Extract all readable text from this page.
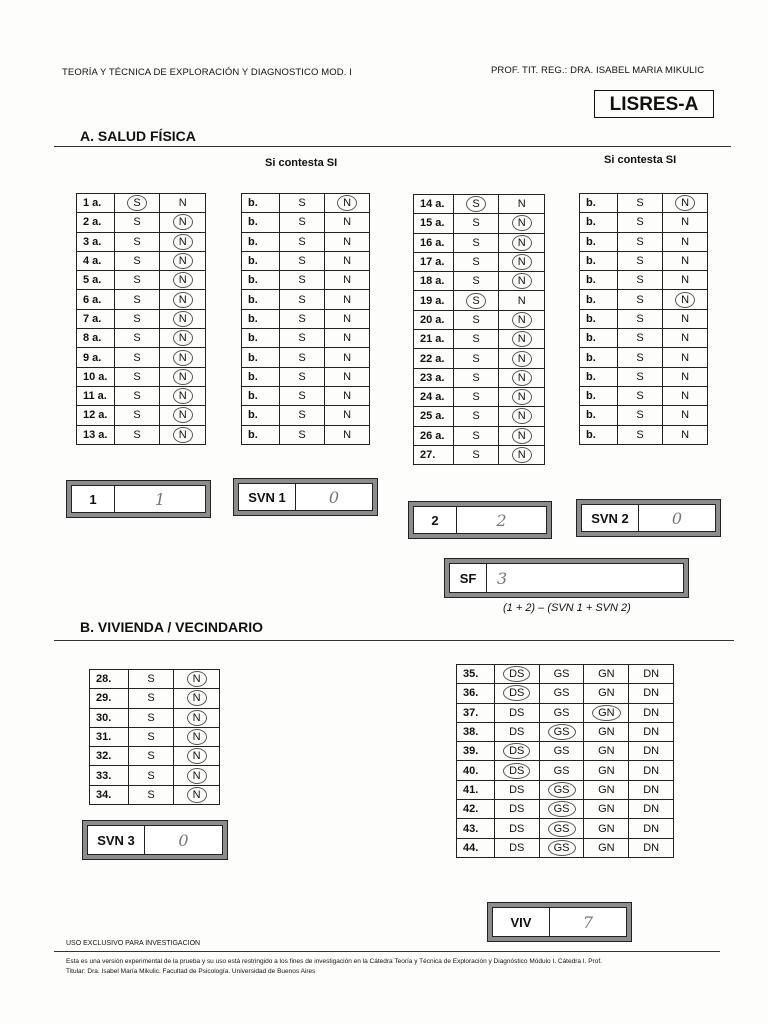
TEORÍA Y TÉCNICA DE EXPLORACIÓN Y DIAGNOSTICO MOD. I	PROF. TIT. REG.: DRA. ISABEL MARIA MIKULIC
LISRES-A
A. SALUD FÍSICA
Si contesta SI	Si contesta SI
1 a.	S	N
2 a.	S	N
3 a.	S	N
4 a.	S	N
5 a.	S	N
6 a.	S	N
7 a.	S	N
8 a.	S	N
9 a.	S	N
10 a.	S	N
11 a.	S	N
12 a.	S	N
13 a.	S	N
b.	S	N
b.	S	N
b.	S	N
b.	S	N
b.	S	N
b.	S	N
b.	S	N
b.	S	N
b.	S	N
b.	S	N
b.	S	N
b.	S	N
b.	S	N
14 a.	S	N
15 a.	S	N
16 a.	S	N
17 a.	S	N
18 a.	S	N
19 a.	S	N
20 a.	S	N
21 a.	S	N
22 a.	S	N
23 a.	S	N
24 a.	S	N
25 a.	S	N
26 a.	S	N
27.	S	N
b.	S	N
b.	S	N
b.	S	N
b.	S	N
b.	S	N
b.	S	N
b.	S	N
b.	S	N
b.	S	N
b.	S	N
b.	S	N
b.	S	N
b.	S	N
1	1	SVN 1	0
2	2	SVN 2	0
SF	3
(1 + 2) – (SVN 1 + SVN 2)
B. VIVIENDA / VECINDARIO
28.	S	N
29.	S	N
30.	S	N
31.	S	N
32.	S	N
33.	S	N
34.	S	N
35.	DS	GS	GN	DN
36.	DS	GS	GN	DN
37.	DS	GS	GN	DN
38.	DS	GS	GN	DN
39.	DS	GS	GN	DN
40.	DS	GS	GN	DN
41.	DS	GS	GN	DN
42.	DS	GS	GN	DN
43.	DS	GS	GN	DN
44.	DS	GS	GN	DN
SVN 3	0
VIV	7
USO EXCLUSIVO PARA INVESTIGACION
Esta es una versión experimental de la prueba y su uso está restringido a los fines de investigación en la Cátedra Teoría y Técnica de Exploración y Diagnóstico Módulo I. Cátedra I. Prof.
Titular: Dra. Isabel María Mikulic. Facultad de Psicología. Universidad de Buenos Aires
